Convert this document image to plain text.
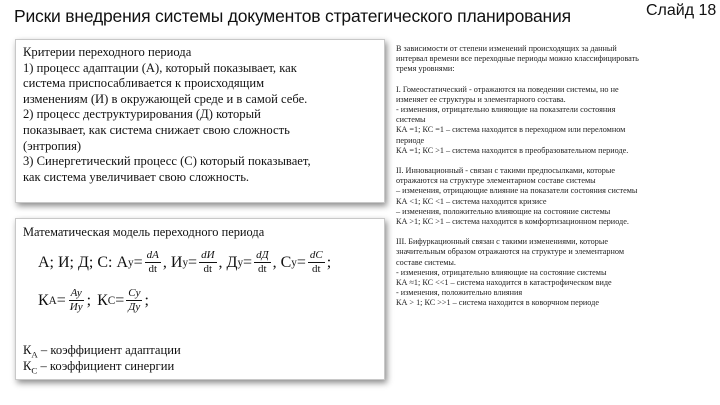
Риски внедрения системы документов стратегического планирования	Слайд 18
Критерии переходного периода
1) процесс адаптации (А), который показывает, как
система приспосабливается к происходящим
изменениям (И) в окружающей среде и в самой себе.
2) процесс деструктурирования (Д) который
показывает, как система снижает свою сложность
(энтропия)
3) Синергетический процесс (С) который показывает,
как система увеличивает свою сложность.
Математическая модель переходного периода
А; И; Д; С: А $у = \frac{dA}{dt}$ , И $у = \frac{dИ}{dt}$ , Д $у = \frac{dД}{dt}$ , С $у = \frac{dC}{dt}$ ;
К $А = \frac{Ау}{Иу}$ ; К $С = \frac{Су}{Ду}$ ;
$К_А$ – коэффициент адаптации
$К_С$ – коэффициент синергии
В зависимости от степени изменений происходящих за данный
интервал времени все переходные периоды можно классифицировать
тремя уровнями:
I. Гомеостатический - отражаются на поведении системы, но не
изменяет ее структуры и элементарного состава.
- изменения, отрицательно влияющие на показатели состояния
системы
КА =1; КС =1 – система находится в переходном или переломном
периоде
КА =1; КС >1 – система находится в преобразовательном периоде.
II. Инновационный - связан с такими предпосылками, которые
отражаются на структуре элементарном составе системы
– изменения, отрицающие влияние на показатели состояния системы
КА <1; КС <1 – система находится кризисе
– изменения, положительно влияющие на состояние системы
КА >1; КС >1 – система находится в комфортизационном периоде.
III. Бифуркационный связан с такими изменениями, которые
значительным образом отражаются на структуре и элементарном
составе системы.
- изменения, отрицательно влияющие на состояние системы
КА ≈1; КС <<1 – система находится в катастрофическом виде
- изменения, положительно влияния
КА > 1; КС >>1 – система находится в коворчном периоде
